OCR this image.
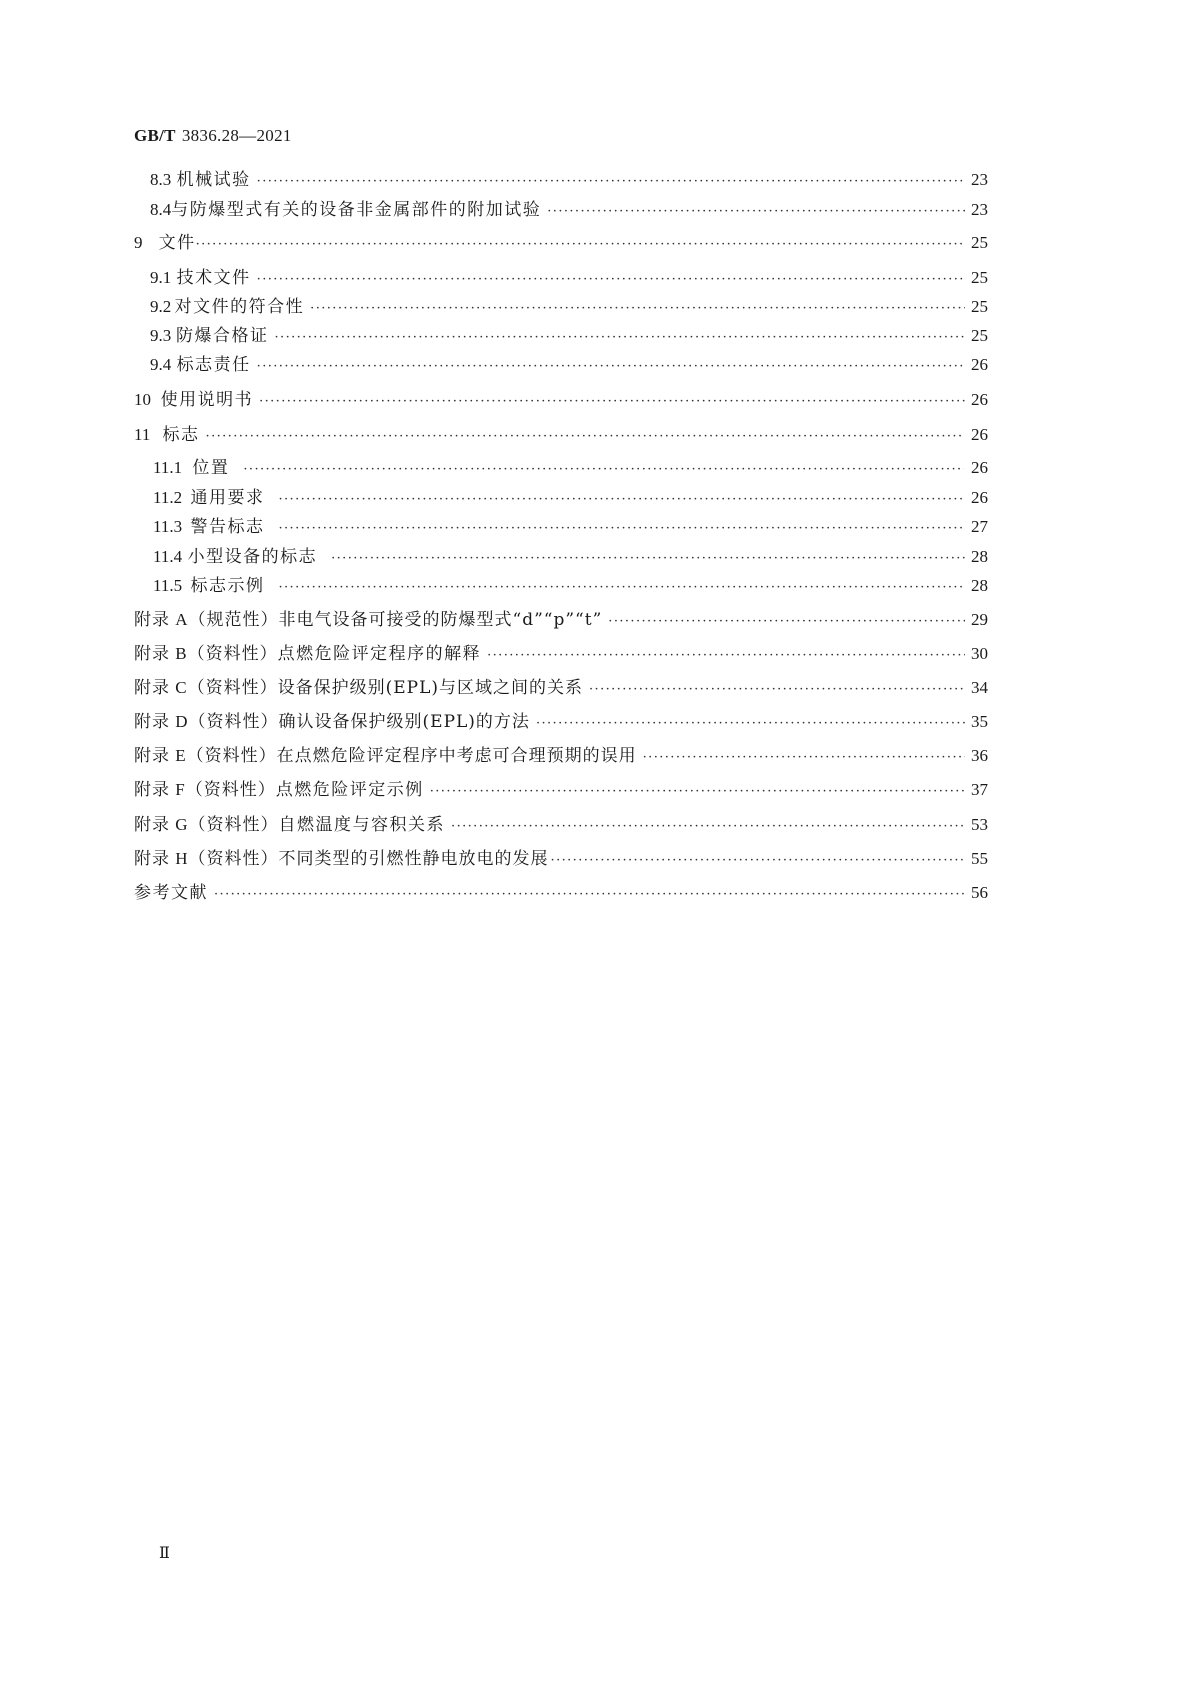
GB/T 3836.28—2021
8.3 机械试验 ·····	23
8.4 与防爆型式有关的设备非金属部件的附加试验 ·····	23
9 文件 ·····	25
9.1 技术文件 ·····	25
9.2 对文件的符合性 ·····	25
9.3 防爆合格证 ·····	25
9.4 标志责任 ·····	26
10 使用说明书 ·····	26
11 标志 ·····	26
11.1 位置 ·····	26
11.2 通用要求 ·····	26
11.3 警告标志 ·····	27
11.4 小型设备的标志 ·····	28
11.5 标志示例 ·····	28
附录 A（规范性） 非电气设备可接受的防爆型式“d”“p”“t” ·····	29
附录 B（资料性） 点燃危险评定程序的解释 ·····	30
附录 C（资料性） 设备保护级别(EPL)与区域之间的关系 ·····	34
附录 D（资料性） 确认设备保护级别(EPL)的方法 ·····	35
附录 E（资料性） 在点燃危险评定程序中考虑可合理预期的误用 ·····	36
附录 F（资料性） 点燃危险评定示例 ·····	37
附录 G（资料性） 自燃温度与容积关系 ·····	53
附录 H（资料性） 不同类型的引燃性静电放电的发展 ·····	55
参考文献 ·····	56
Ⅱ
